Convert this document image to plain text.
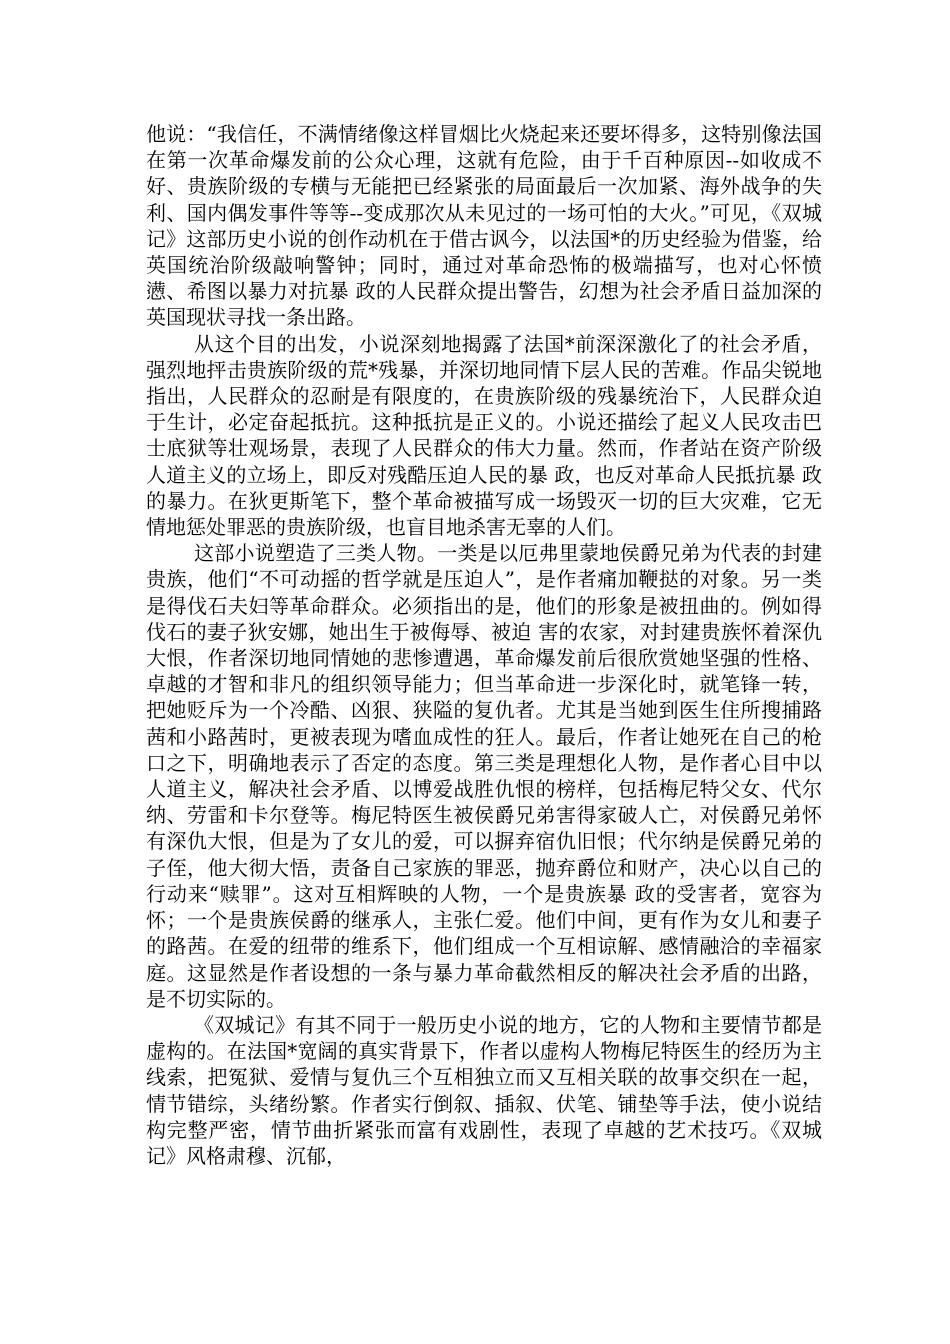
他说：“我信任，不满情绪像这样冒烟比火烧起来还要坏得多，这特别像法国在第一次革命爆发前的公众心理，这就有危险，由于千百种原因--如收成不好、贵族阶级的专横与无能把已经紧张的局面最后一次加紧、海外战争的失利、国内偶发事件等等--变成那次从未见过的一场可怕的大火。”可见，《双城记》这部历史小说的创作动机在于借古讽今，以法国*的历史经验为借鉴，给英国统治阶级敲响警钟；同时，通过对革命恐怖的极端描写，也对心怀愤懑、希图以暴力对抗暴 政的人民群众提出警告，幻想为社会矛盾日益加深的英国现状寻找一条出路。

从这个目的出发，小说深刻地揭露了法国*前深深激化了的社会矛盾，强烈地抨击贵族阶级的荒*残暴，并深切地同情下层人民的苦难。作品尖锐地指出，人民群众的忍耐是有限度的，在贵族阶级的残暴统治下，人民群众迫于生计，必定奋起抵抗。这种抵抗是正义的。小说还描绘了起义人民攻击巴士底狱等壮观场景，表现了人民群众的伟大力量。然而，作者站在资产阶级人道主义的立场上，即反对残酷压迫人民的暴 政，也反对革命人民抵抗暴 政的暴力。在狄更斯笔下，整个革命被描写成一场毁灭一切的巨大灾难，它无情地惩处罪恶的贵族阶级，也盲目地杀害无辜的人们。

这部小说塑造了三类人物。一类是以厄弗里蒙地侯爵兄弟为代表的封建贵族，他们“不可动摇的哲学就是压迫人”，是作者痛加鞭挞的对象。另一类是得伐石夫妇等革命群众。必须指出的是，他们的形象是被扭曲的。例如得伐石的妻子狄安娜，她出生于被侮辱、被迫 害的农家，对封建贵族怀着深仇大恨，作者深切地同情她的悲惨遭遇，革命爆发前后很欣赏她坚强的性格、卓越的才智和非凡的组织领导能力；但当革命进一步深化时，就笔锋一转，把她贬斥为一个冷酷、凶狠、狭隘的复仇者。尤其是当她到医生住所搜捕路茜和小路茜时，更被表现为嗜血成性的狂人。最后，作者让她死在自己的枪口之下，明确地表示了否定的态度。第三类是理想化人物，是作者心目中以人道主义，解决社会矛盾、以博爱战胜仇恨的榜样，包括梅尼特父女、代尔纳、劳雷和卡尔登等。梅尼特医生被侯爵兄弟害得家破人亡，对侯爵兄弟怀有深仇大恨，但是为了女儿的爱，可以摒弃宿仇旧恨；代尔纳是侯爵兄弟的子侄，他大彻大悟，责备自己家族的罪恶，抛弃爵位和财产，决心以自己的行动来“赎罪”。这对互相辉映的人物，一个是贵族暴 政的受害者，宽容为怀；一个是贵族侯爵的继承人，主张仁爱。他们中间，更有作为女儿和妻子的路茜。在爱的纽带的维系下，他们组成一个互相谅解、感情融洽的幸福家庭。这显然是作者设想的一条与暴力革命截然相反的解决社会矛盾的出路，是不切实际的。

《双城记》有其不同于一般历史小说的地方，它的人物和主要情节都是虚构的。在法国*宽阔的真实背景下，作者以虚构人物梅尼特医生的经历为主线索，把冤狱、爱情与复仇三个互相独立而又互相关联的故事交织在一起，情节错综，头绪纷繁。作者实行倒叙、插叙、伏笔、铺垫等手法，使小说结构完整严密，情节曲折紧张而富有戏剧性，表现了卓越的艺术技巧。《双城记》风格肃穆、沉郁，
